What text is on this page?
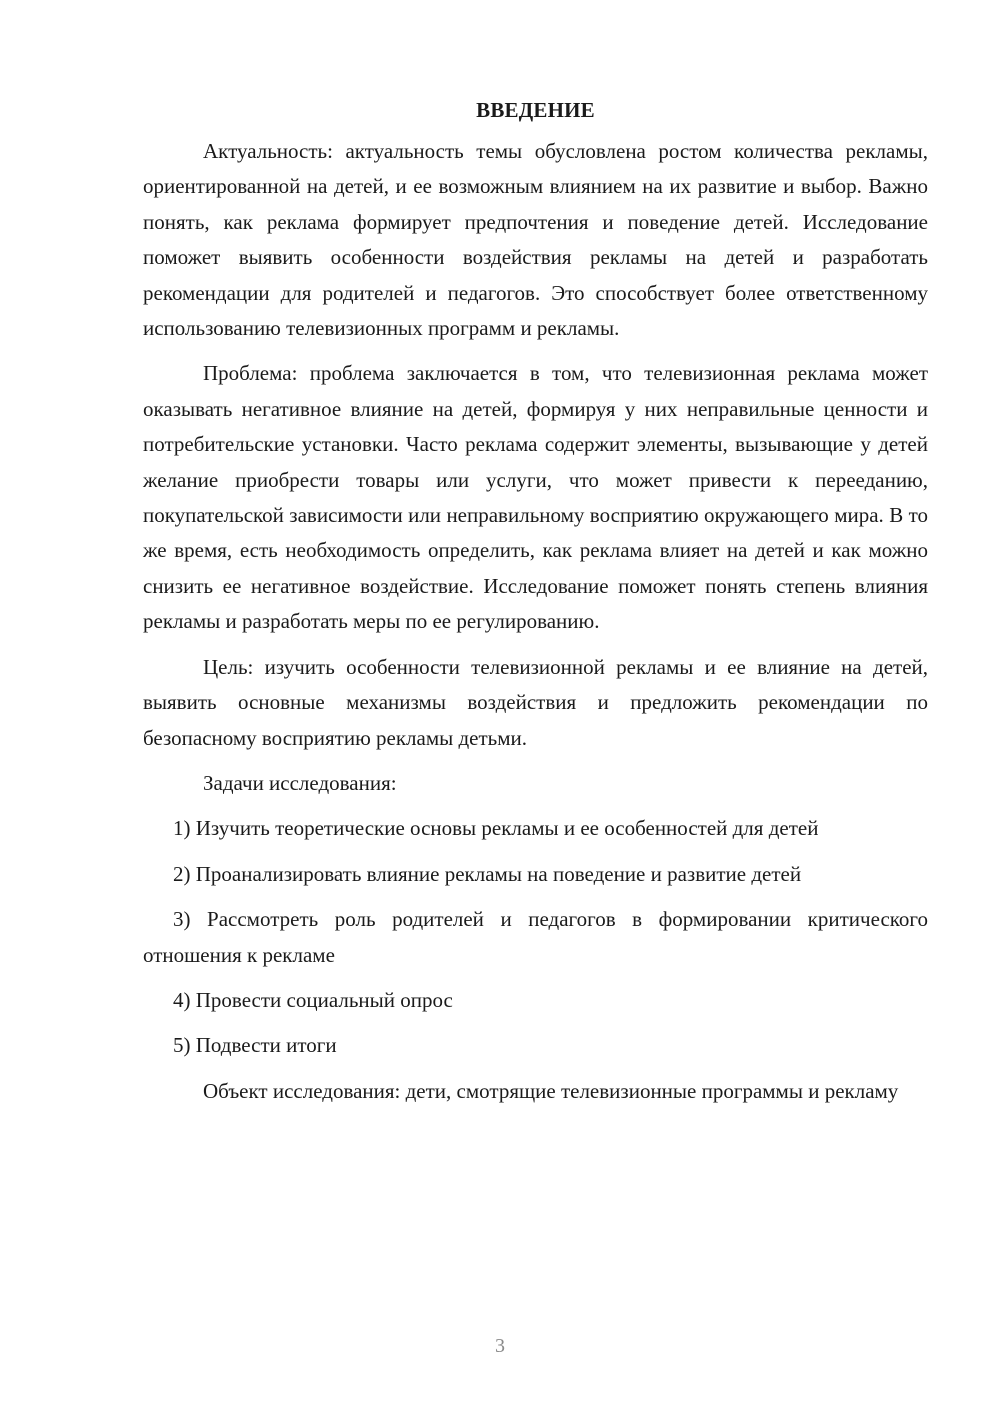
ВВЕДЕНИЕ

Актуальность: актуальность темы обусловлена ростом количества рекламы, ориентированной на детей, и ее возможным влиянием на их развитие и выбор. Важно понять, как реклама формирует предпочтения и поведение детей. Исследование поможет выявить особенности воздействия рекламы на детей и разработать рекомендации для родителей и педагогов. Это способствует более ответственному использованию телевизионных программ и рекламы.

Проблема: проблема заключается в том, что телевизионная реклама может оказывать негативное влияние на детей, формируя у них неправильные ценности и потребительские установки. Часто реклама содержит элементы, вызывающие у детей желание приобрести товары или услуги, что может привести к перееданию, покупательской зависимости или неправильному восприятию окружающего мира. В то же время, есть необходимость определить, как реклама влияет на детей и как можно снизить ее негативное воздействие. Исследование поможет понять степень влияния рекламы и разработать меры по ее регулированию.

Цель: изучить особенности телевизионной рекламы и ее влияние на детей, выявить основные механизмы воздействия и предложить рекомендации по безопасному восприятию рекламы детьми.

Задачи исследования:

1) Изучить теоретические основы рекламы и ее особенностей для детей

2) Проанализировать влияние рекламы на поведение и развитие детей

3) Рассмотреть роль родителей и педагогов в формировании критического отношения к рекламе

4) Провести социальный опрос

5) Подвести итоги

Объект исследования: дети, смотрящие телевизионные программы и рекламу

3
